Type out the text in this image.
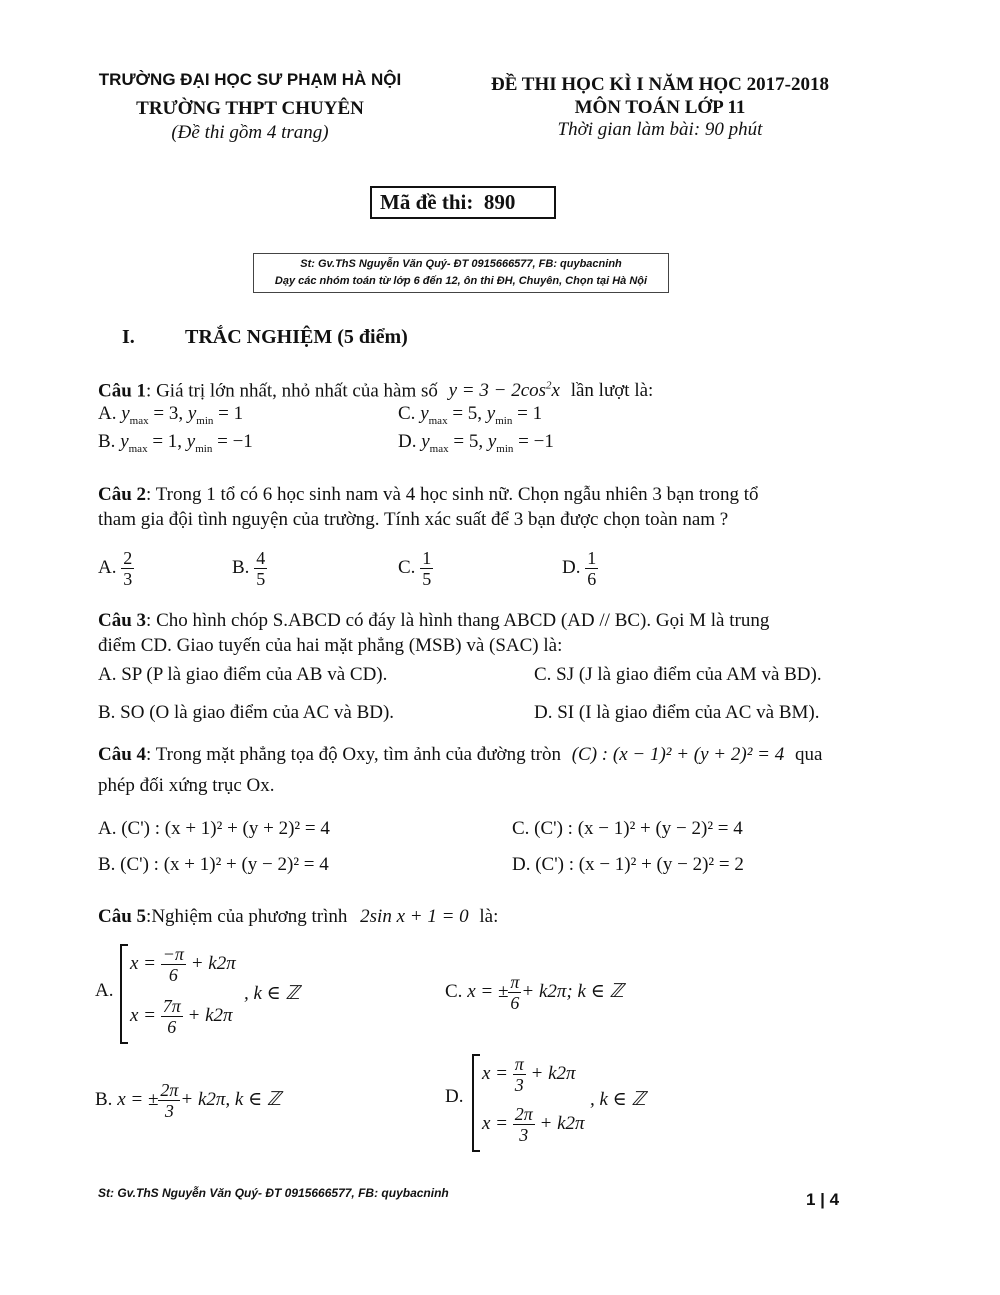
TRƯỜNG ĐẠI HỌC SƯ PHẠM HÀ NỘI
TRƯỜNG THPT CHUYÊN
(Đề thi gồm 4 trang)
ĐỀ THI HỌC KÌ I NĂM HỌC 2017-2018
MÔN TOÁN LỚP 11
Thời gian làm bài: 90 phút
Mã đề thi:  890
St: Gv.ThS Nguyễn Văn Quý- ĐT 0915666577, FB: quybacninh
Dạy các nhóm toán từ lớp 6 đến 12, ôn thi ĐH, Chuyên, Chọn tại Hà Nội
I.	TRẮC NGHIỆM (5 điểm)
Câu 1: Giá trị lớn nhất, nhỏ nhất của hàm số $y = 3 - 2\cos^2x$ lần lượt là:
A. $y_{max} = 3$, $y_{min} = 1$
B. $y_{max} = 1$, $y_{min} = -1$
C. $y_{max} = 5$, $y_{min} = 1$
D. $y_{max} = 5$, $y_{min} = -1$
Câu 2: Trong 1 tổ có 6 học sinh nam và 4 học sinh nữ. Chọn ngẫu nhiên 3 bạn trong tổ
tham gia đội tình nguyện của trường. Tính xác suất để 3 bạn được chọn toàn nam ?
A. $\frac{2}{3}$	B. $\frac{4}{5}$	C. $\frac{1}{5}$	D. $\frac{1}{6}$
Câu 3: Cho hình chóp S.ABCD có đáy là hình thang ABCD (AD // BC). Gọi M là trung
điểm CD. Giao tuyến của hai mặt phẳng (MSB) và (SAC) là:
A. SP (P là giao điểm của AB và CD).
B. SO (O là giao điểm của AC và BD).
C. SJ (J là giao điểm của AM và BD).
D. SI (I là giao điểm của AC và BM).
Câu 4: Trong mặt phẳng tọa độ Oxy, tìm ảnh của đường tròn (C) : (x − 1)² + (y + 2)² = 4 qua
phép đối xứng trục Ox.
A. (C') : (x + 1)² + (y + 2)² = 4
B. (C') : (x + 1)² + (y − 2)² = 4
C. (C') : (x − 1)² + (y − 2)² = 4
D. (C') : (x − 1)² + (y − 2)² = 2
Câu 5:Nghiệm của phương trình 2sin x + 1 = 0 là:
A.
$x = \frac{-\pi}{6} + k2\pi$
$x = \frac{7\pi}{6} + k2\pi$
, k ∈ ℤ	C. x = ± $\frac{\pi}{6} + k2\pi$; k ∈ ℤ
B. x = ± $\frac{2\pi}{3} + k2\pi$, k ∈ ℤ	D.
$x = \frac{\pi}{3} + k2\pi$
$x = \frac{2\pi}{3} + k2\pi$
, k ∈ ℤ
St: Gv.ThS Nguyễn Văn Quý- ĐT 0915666577, FB: quybacninh	1 | 4
